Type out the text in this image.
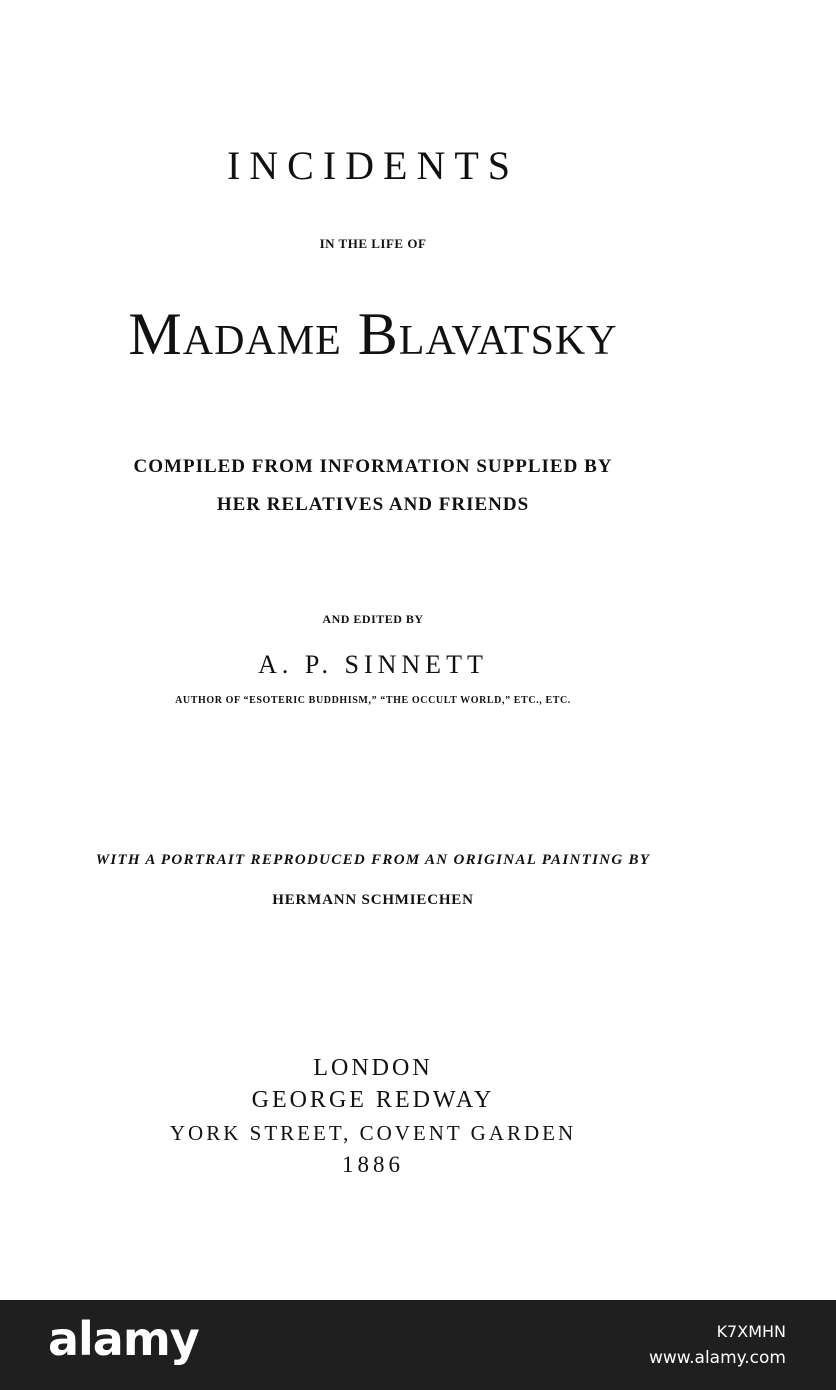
INCIDENTS
IN THE LIFE OF
Madame Blavatsky
COMPILED FROM INFORMATION SUPPLIED BY
HER RELATIVES AND FRIENDS
AND EDITED BY
A. P. SINNETT
AUTHOR OF “ESOTERIC BUDDHISM,” “THE OCCULT WORLD,” ETC., ETC.
WITH A PORTRAIT REPRODUCED FROM AN ORIGINAL PAINTING BY
HERMANN SCHMIECHEN
LONDON
GEORGE REDWAY
YORK STREET, COVENT GARDEN
1886
alamy	K7XMHN
www.alamy.com
